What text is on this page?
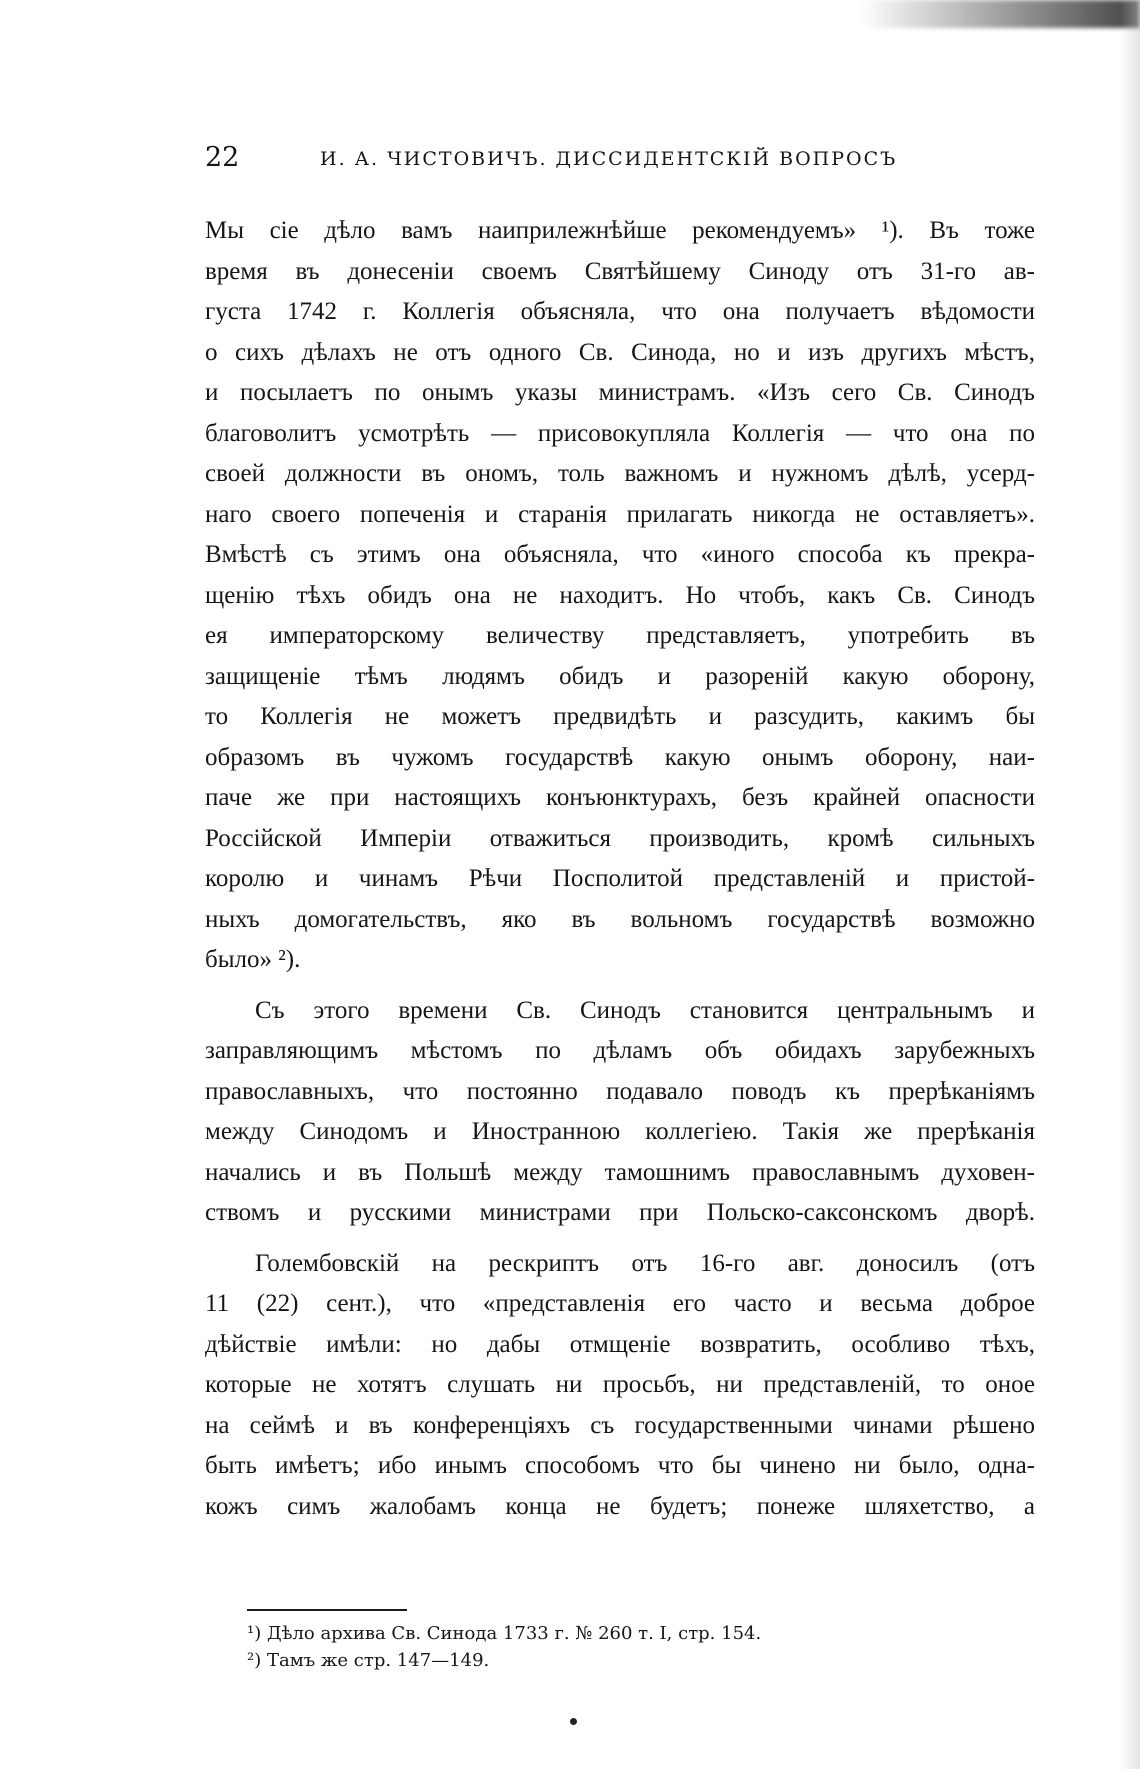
22	И. А. ЧИСТОВИЧЪ. ДИССИДЕНТСКІЙ ВОПРОСЪ
Мы сіе дѣло вамъ наиприлежнѣйше рекомендуемъ» ¹). Въ тоже
время въ донесеніи своемъ Святѣйшему Синоду отъ 31-го ав-
густа 1742 г. Коллегія объясняла, что она получаетъ вѣдомости
о сихъ дѣлахъ не отъ одного Св. Синода, но и изъ другихъ мѣстъ,
и посылаетъ по онымъ указы министрамъ. «Изъ сего Св. Синодъ
благоволитъ усмотрѣть — присовокупляла Коллегія — что она по
своей должности въ ономъ, толь важномъ и нужномъ дѣлѣ, усерд-
наго своего попеченія и старанія прилагать никогда не оставляетъ».
Вмѣстѣ съ этимъ она объясняла, что «иного способа къ прекра-
щенію тѣхъ обидъ она не находитъ. Но чтобъ, какъ Св. Синодъ
ея императорскому величеству представляетъ, употребить въ
защищеніе тѣмъ людямъ обидъ и разореній какую оборону,
то Коллегія не можетъ предвидѣть и разсудить, какимъ бы
образомъ въ чужомъ государствѣ какую онымъ оборону, наи-
паче же при настоящихъ конъюнктурахъ, безъ крайней опасности
Россійской Имперіи отважиться производить, кромѣ сильныхъ
королю и чинамъ Рѣчи Посполитой представленій и пристой-
ныхъ домогательствъ, яко въ вольномъ государствѣ возможно
было» ²).
Съ этого времени Св. Синодъ становится центральнымъ и
заправляющимъ мѣстомъ по дѣламъ объ обидахъ зарубежныхъ
православныхъ, что постоянно подавало поводъ къ прерѣканіямъ
между Синодомъ и Иностранною коллегіею. Такія же прерѣканія
начались и въ Польшѣ между тамошнимъ православнымъ духовен-
ствомъ и русскими министрами при Польско-саксонскомъ дворѣ.
Голембовскій на рескриптъ отъ 16-го авг. доносилъ (отъ
11 (22) сент.), что «представленія его часто и весьма доброе
дѣйствіе имѣли: но дабы отмщеніе возвратить, особливо тѣхъ,
которые не хотятъ слушать ни просьбъ, ни представленій, то оное
на сеймѣ и въ конференціяхъ съ государственными чинами рѣшено
быть имѣетъ; ибо инымъ способомъ что бы чинено ни было, одна-
кожъ симъ жалобамъ конца не будетъ; понеже шляхетство, а
¹) Дѣло архива Св. Синода 1733 г. № 260 т. I, стр. 154.
²) Тамъ же стр. 147—149.
